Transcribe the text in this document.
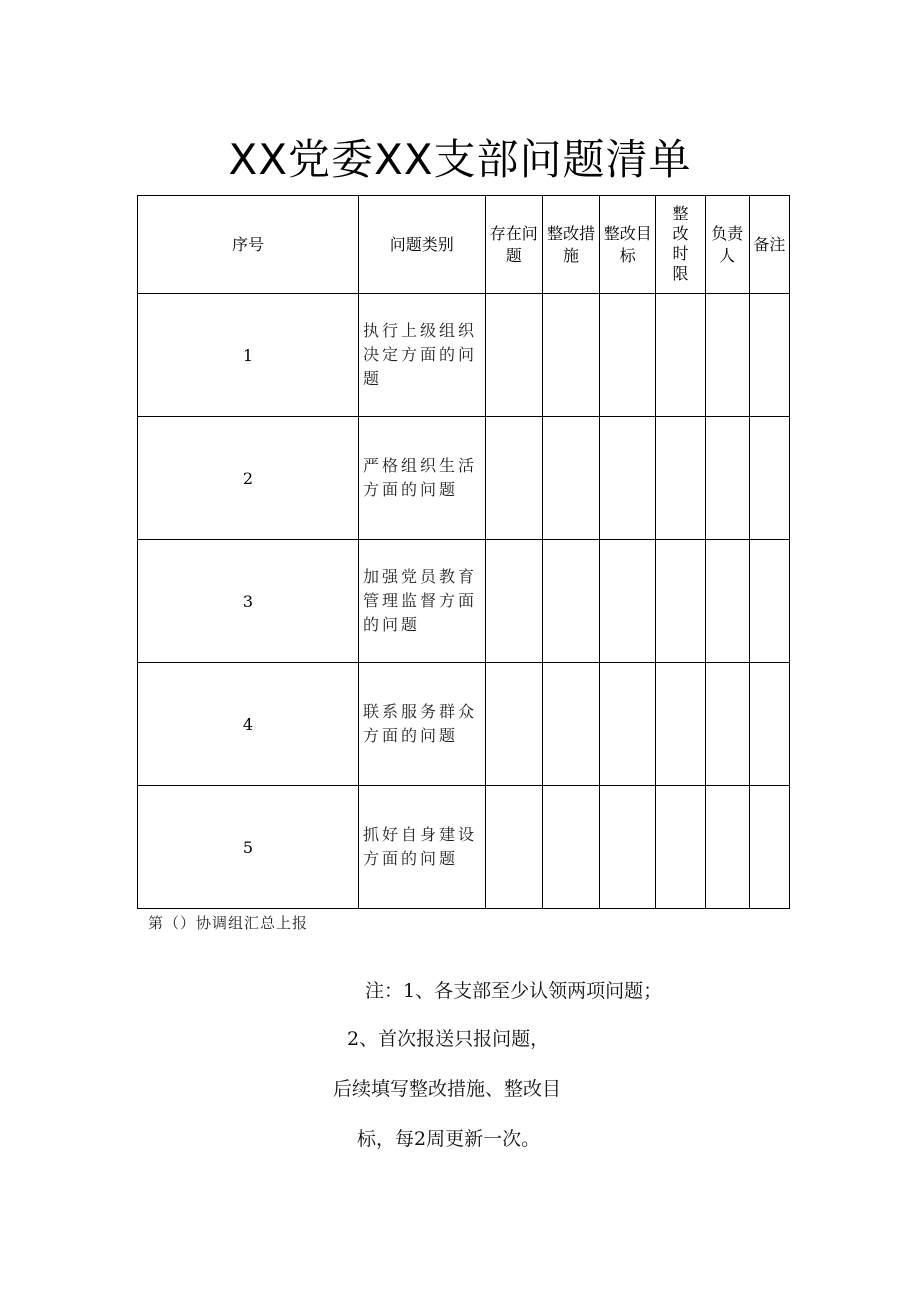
XX党委XX支部问题清单
序号	问题类别	存在问题	整改措施	整改目标	整改时限	负责人	备注
1	执行上级组织决定方面的问题						
2	严格组织生活方面的问题						
3	加强党员教育管理监督方面的问题						
4	联系服务群众方面的问题						
5	抓好自身建设方面的问题						
第（）协调组汇总上报
注：1、各支部至少认领两项问题；
2、首次报送只报问题，
后续填写整改措施、整改目
标，每2周更新一次。
